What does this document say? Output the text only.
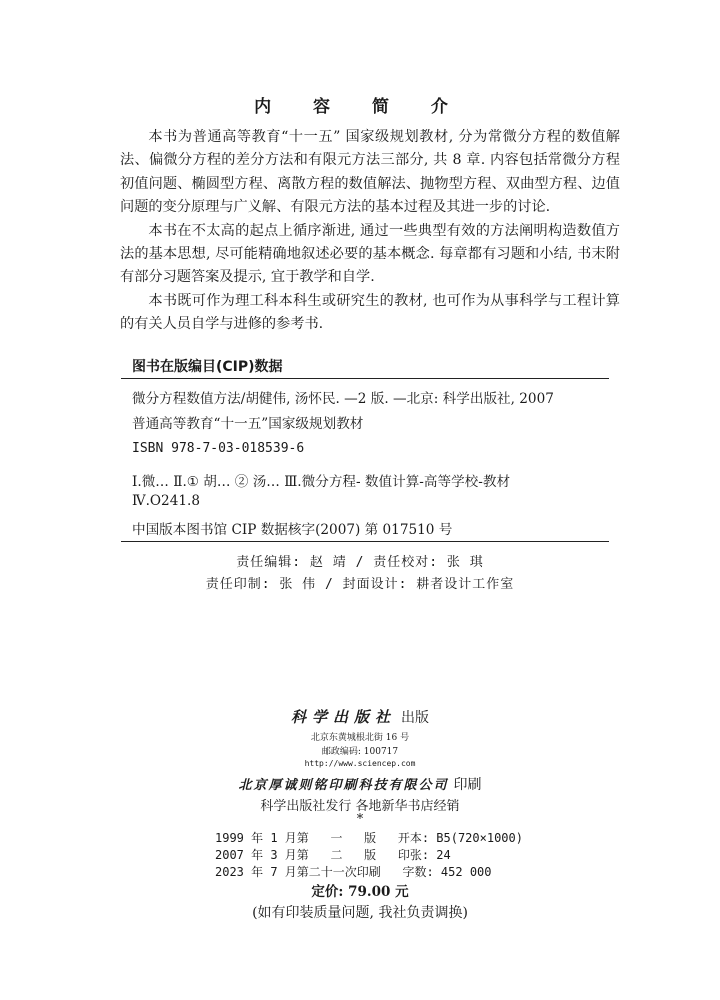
内 容 简 介

本书为普通高等教育“十一五” 国家级规划教材, 分为常微分方程的数值解法、偏微分方程的差分方法和有限元方法三部分, 共 8 章. 内容包括常微分方程初值问题、椭圆型方程、离散方程的数值解法、抛物型方程、双曲型方程、边值问题的变分原理与广义解、有限元方法的基本过程及其进一步的讨论.

本书在不太高的起点上循序渐进, 通过一些典型有效的方法阐明构造数值方法的基本思想, 尽可能精确地叙述必要的基本概念. 每章都有习题和小结, 书末附有部分习题答案及提示, 宜于教学和自学.

本书既可作为理工科本科生或研究生的教材, 也可作为从事科学与工程计算的有关人员自学与进修的参考书.

图书在版编目(CIP)数据
微分方程数值方法/胡健伟, 汤怀民. —2 版. —北京: 科学出版社, 2007
普通高等教育“十一五”国家级规划教材
ISBN 978-7-03-018539-6
I.微… Ⅱ.① 胡… ② 汤… Ⅲ.微分方程- 数值计算-高等学校-教材
Ⅳ.O241.8
中国版本图书馆 CIP 数据核字(2007) 第 017510 号
责任编辑: 赵 靖 / 责任校对: 张 琪
责任印制: 张 伟 / 封面设计: 耕者设计工作室
科学出版社 出版
北京东黄城根北街 16 号
邮政编码: 100717
http://www.sciencep.com
北京厚诚则铭印刷科技有限公司 印刷
科学出版社发行 各地新华书店经销
*
1999 年 1 月第   一   版   开本: B5(720×1000)
2007 年 3 月第   二   版   印张: 24
2023 年 7 月第二十一次印刷   字数: 452 000
定价: 79.00 元
(如有印装质量问题, 我社负责调换)
